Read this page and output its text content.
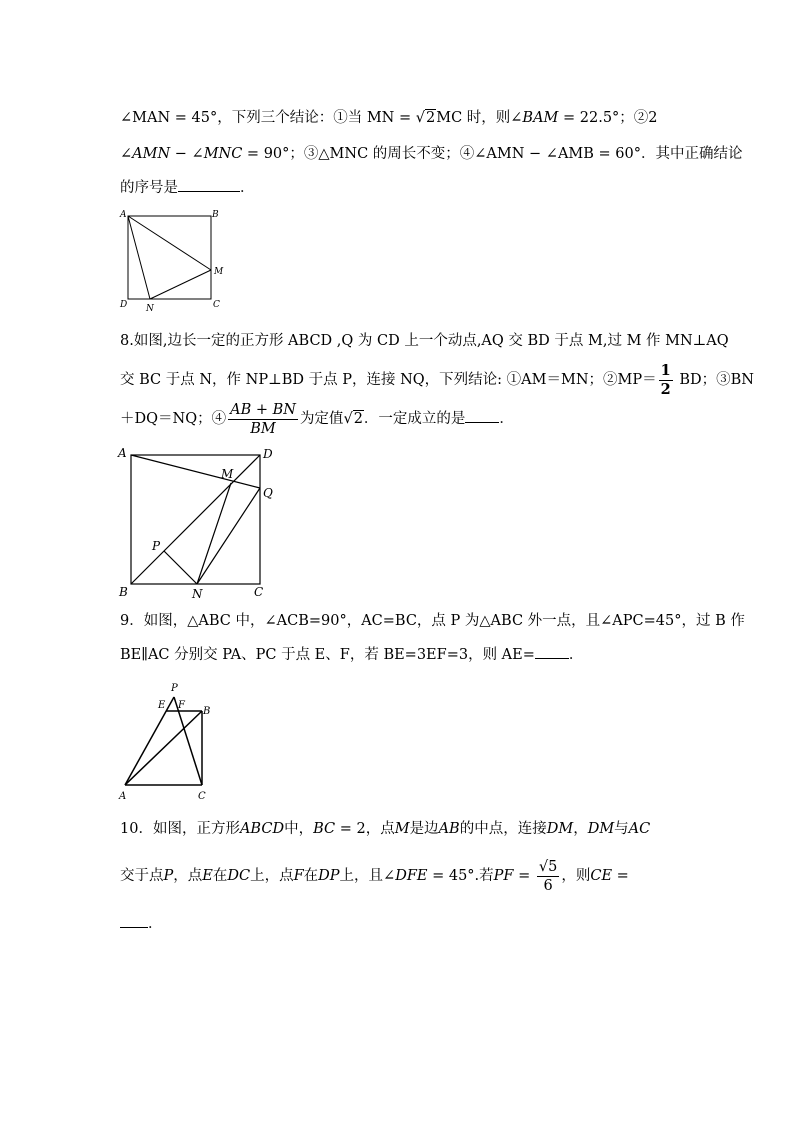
∠MAN = 45°，下列三个结论：①当 MN = √2MC 时，则∠BAM = 22.5°；②2
∠AMN − ∠MNC = 90°；③△MNC 的周长不变；④∠AMN − ∠AMB = 60°．其中正确结论
的序号是	．
A	B
M
D N	C
8.如图,边长一定的正方形 ABCD ,Q 为 CD 上一个动点,AQ 交 BD 于点 M,过 M 作 MN⊥AQ
交 BC 于点 N，作 NP⊥BD 于点 P，连接 NQ，下列结论: ①AM＝MN；②MP＝ $\frac{1}{2}$ BD；③BN
＋DQ＝NQ；④ $\frac{AB + BN}{BM}$ 为定值√2．一定成立的是 ．
A	D
M
Q
P
B	N	C
9．如图，△ABC 中，∠ACB=90°，AC=BC，点 P 为△ABC 外一点，且∠APC=45°，过 B 作
BE∥AC 分别交 PA、PC 于点 E、F，若 BE=3EF=3，则 AE= ．
P
E F
B
A	C
10．如图，正方形ABCD中，BC = 2，点M是边AB的中点，连接DM，DM与AC
交于点P，点E在DC上，点F在DP上，且∠DFE = 45°.若PF = $\frac{√5}{6}$ ，则CE =
．
